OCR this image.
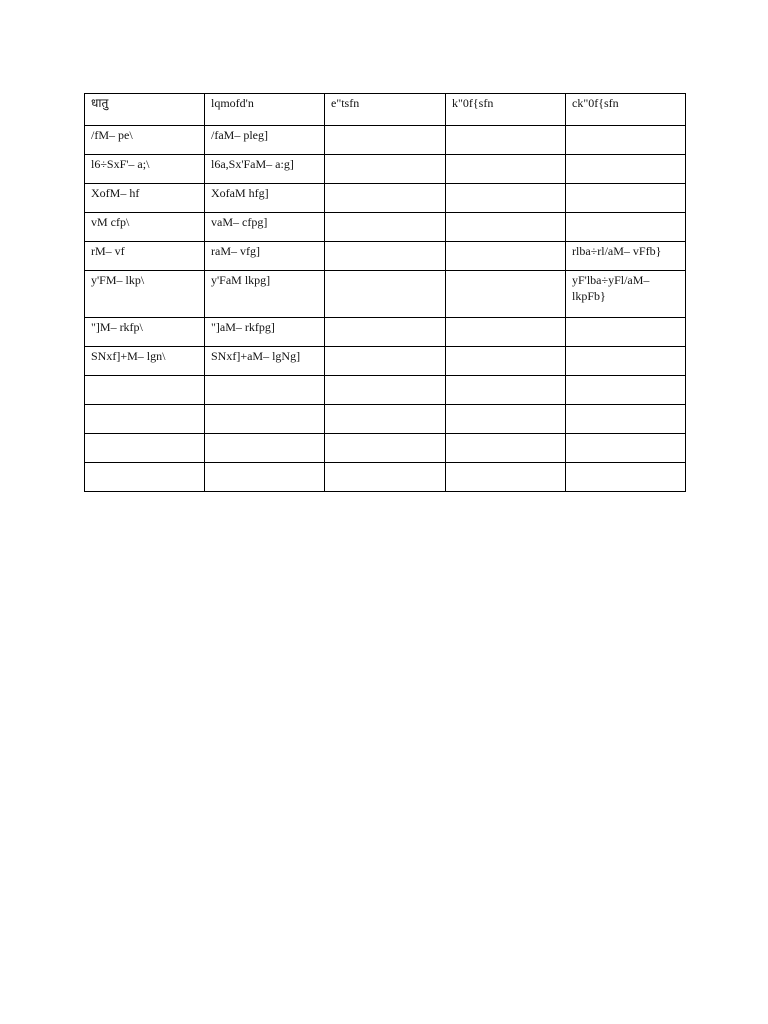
धातु	lqmofd'n	e"tsfn	k"0f{sfn	ck"0f{sfn
/fM– pe\	/faM– pleg]			
l6÷SxF'– a;\	l6a,Sx'FaM– a:g]			
XofM– hf	XofaM hfg]			
vM cfp\	vaM– cfpg]			
rM– vf	raM– vfg]			rlba÷rl/aM– vFfb}
y'FM– lkp\	y'FaM lkpg]			yF'lba÷yFl/aM– lkpFb}
"]M– rkfp\	"]aM– rkfpg]			
SNxf]+M– lgn\	SNxf]+aM– lgNg]			
